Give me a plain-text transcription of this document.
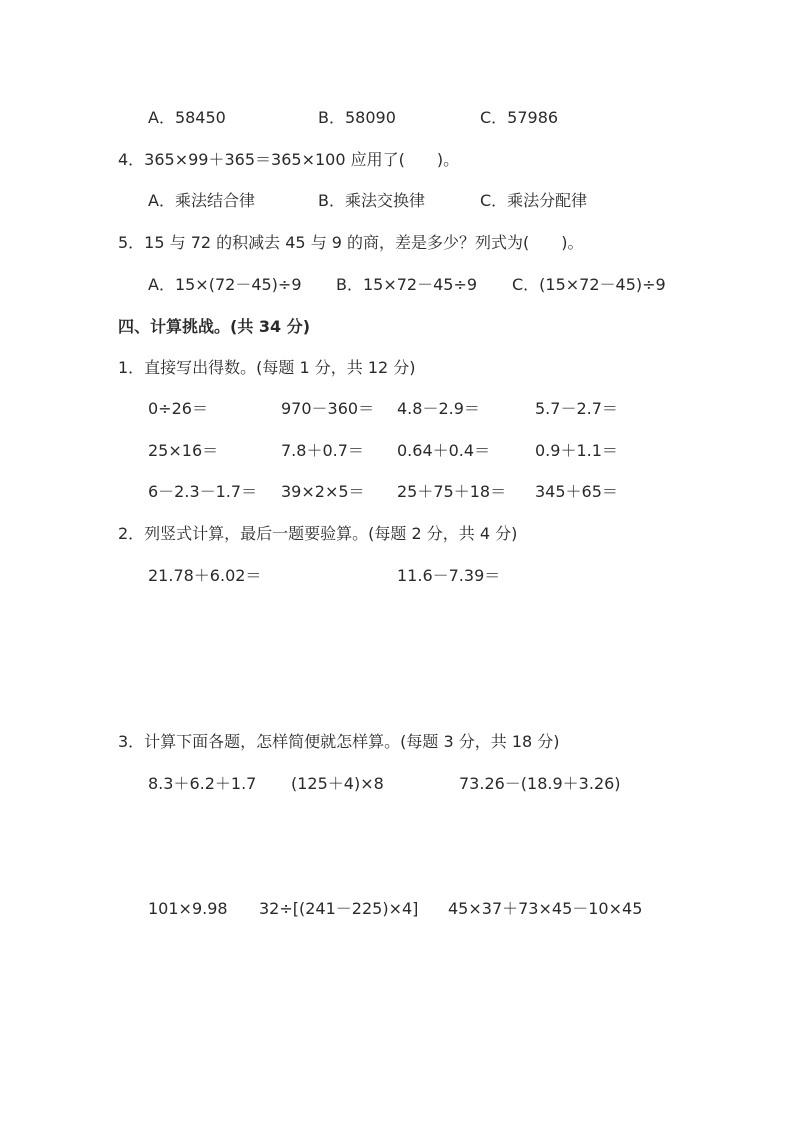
A．58450	B．58090	C．57986
4．365×99＋365＝365×100 应用了(　　)。
A．乘法结合律	B．乘法交换律	C．乘法分配律
5．15 与 72 的积减去 45 与 9 的商，差是多少？列式为(　　)。
A．15×(72－45)÷9 B．15×72－45÷9 C．(15×72－45)÷9
四、计算挑战。(共 34 分)
1．直接写出得数。(每题 1 分，共 12 分)
0÷26＝	970－360＝ 4.8－2.9＝	5.7－2.7＝
25×16＝	7.8＋0.7＝ 0.64＋0.4＝	0.9＋1.1＝
6－2.3－1.7＝ 39×2×5＝ 25＋75＋18＝ 345＋65＝
2．列竖式计算，最后一题要验算。(每题 2 分，共 4 分)
21.78＋6.02＝	11.6－7.39＝
3．计算下面各题，怎样简便就怎样算。(每题 3 分，共 18 分)
8.3＋6.2＋1.7 (125＋4)×8	73.26－(18.9＋3.26)
101×9.98 32÷[(241－225)×4] 45×37＋73×45－10×45
